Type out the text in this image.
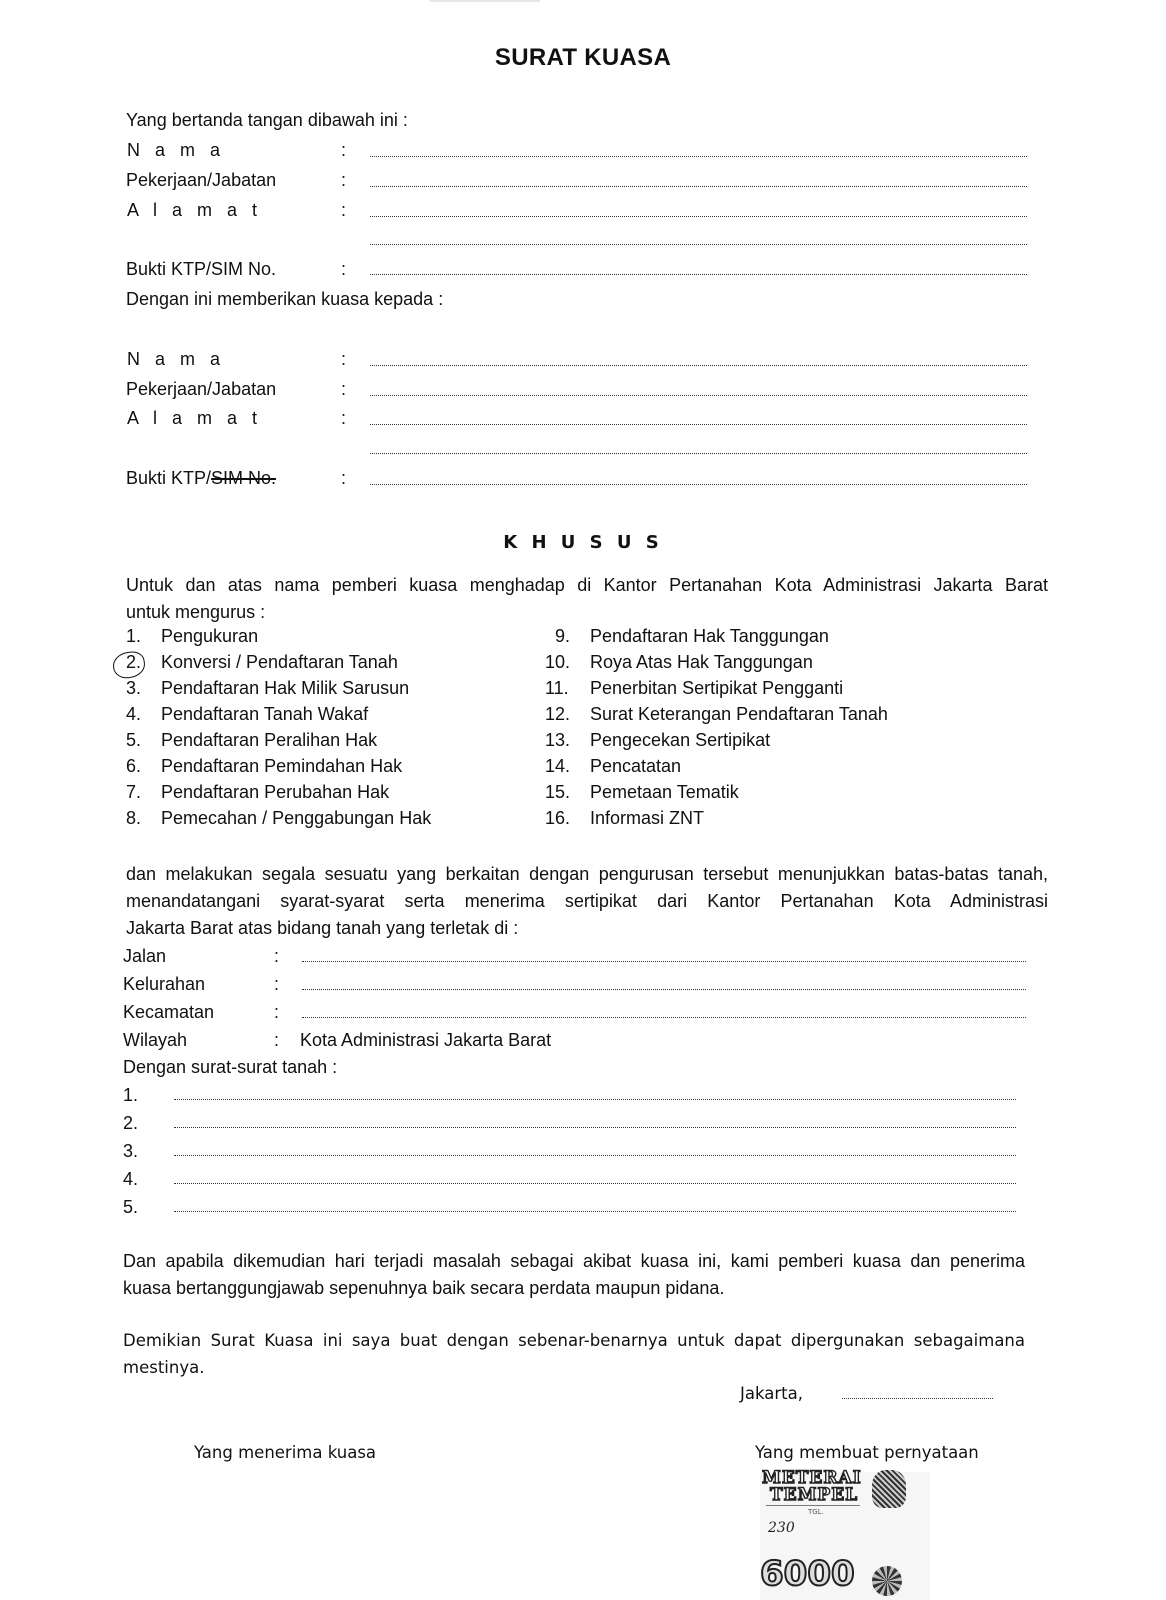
SURAT KUASA
Yang bertanda tangan dibawah ini :
N a m a	:
Pekerjaan/Jabatan	:
A l a m a t	:
Bukti KTP/SIM No.	:
Dengan ini memberikan kuasa kepada :
N a m a	:
Pekerjaan/Jabatan	:
A l a m a t	:
Bukti KTP/SIM No.	:
K H U S U S
Untuk dan atas nama pemberi kuasa menghadap di Kantor Pertanahan Kota Administrasi Jakarta Barat
untuk mengurus :
1. Pengukuran
2. Konversi / Pendaftaran Tanah
3. Pendaftaran Hak Milik Sarusun
4. Pendaftaran Tanah Wakaf
5. Pendaftaran Peralihan Hak
6. Pendaftaran Pemindahan Hak
7. Pendaftaran Perubahan Hak
8. Pemecahan / Penggabungan Hak
9. Pendaftaran Hak Tanggungan
10. Roya Atas Hak Tanggungan
11. Penerbitan Sertipikat Pengganti
12. Surat Keterangan Pendaftaran Tanah
13. Pengecekan Sertipikat
14. Pencatatan
15. Pemetaan Tematik
16. Informasi ZNT
dan melakukan segala sesuatu yang berkaitan dengan pengurusan tersebut menunjukkan batas-batas tanah, menandatangani syarat-syarat serta menerima sertipikat dari Kantor Pertanahan Kota Administrasi
Jakarta Barat atas bidang tanah yang terletak di :
Jalan	:
Kelurahan	:
Kecamatan	:
Wilayah	: Kota Administrasi Jakarta Barat
Dengan surat-surat tanah :
1.
2.
3.
4.
5.
Dan apabila dikemudian hari terjadi masalah sebagai akibat kuasa ini, kami pemberi kuasa dan penerima
kuasa bertanggungjawab sepenuhnya baik secara perdata maupun pidana.
Demikian Surat Kuasa ini saya buat dengan sebenar-benarnya untuk dapat dipergunakan sebagaimana
mestinya.
Jakarta,
Yang menerima kuasa	Yang membuat pernyataan
METERAI
TEMPEL
TGL.
230
6000
